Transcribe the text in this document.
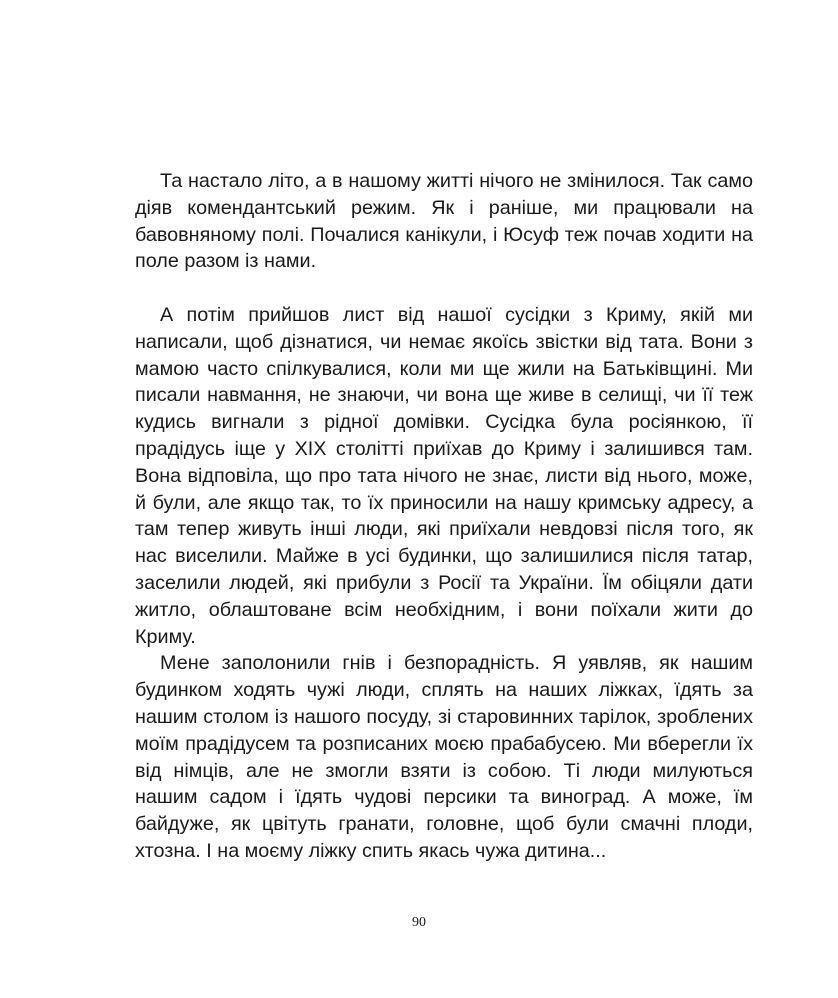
Та настало літо, а в нашому житті нічого не змінилося. Так само діяв комендантський режим. Як і раніше, ми працювали на бавовняному полі. Почалися канікули, і Юсуф теж почав ходити на поле разом із нами.

А потім прийшов лист від нашої сусідки з Криму, якій ми написали, щоб дізнатися, чи немає якоїсь звістки від тата. Вони з мамою часто спілкувалися, коли ми ще жили на Батьківщині. Ми писали навмання, не знаючи, чи вона ще живе в селищі, чи її теж кудись вигнали з рідної домівки. Сусідка була росіянкою, її прадідусь іще у ХІХ столітті приїхав до Криму і залишився там. Вона відповіла, що про тата нічого не знає, листи від нього, може, й були, але якщо так, то їх приносили на нашу кримську адресу, а там тепер живуть інші люди, які приїхали невдовзі після того, як нас виселили. Майже в усі будинки, що залишилися після татар, заселили людей, які прибули з Росії та України. Їм обіцяли дати житло, облаштоване всім необхідним, і вони поїхали жити до Криму.

Мене заполонили гнів і безпорадність. Я уявляв, як нашим будинком ходять чужі люди, сплять на наших ліжках, їдять за нашим столом із нашого посуду, зі старовинних тарілок, зроблених моїм прадідусем та розписаних моєю прабабусею. Ми вберегли їх від німців, але не змогли взяти із собою. Ті люди милуються нашим садом і їдять чудові персики та виноград. А може, їм байдуже, як цвітуть гранати, головне, щоб були смачні плоди, хтозна. І на моєму ліжку спить якась чужа дитина...

90
